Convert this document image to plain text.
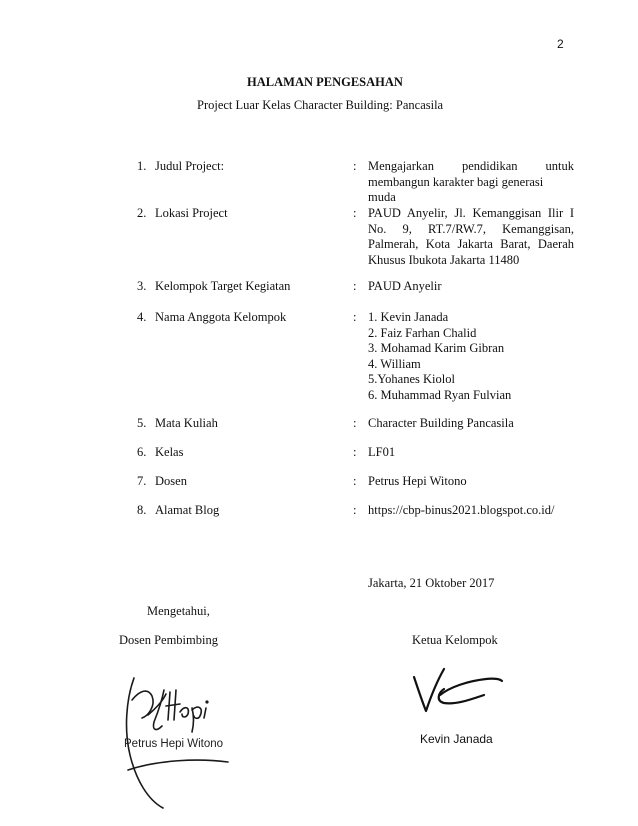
2
HALAMAN PENGESAHAN
Project Luar Kelas Character Building: Pancasila
1. Judul Project:	: Mengajarkan pendidikan untuk
membangun karakter bagi generasi muda
2. Lokasi Project	: PAUD Anyelir, Jl. Kemanggisan Ilir I
No. 9, RT.7/RW.7, Kemanggisan,
Palmerah, Kota Jakarta Barat, Daerah
Khusus Ibukota Jakarta 11480
3. Kelompok Target Kegiatan	: PAUD Anyelir
4. Nama Anggota Kelompok	: 1. Kevin Janada
2. Faiz Farhan Chalid
3. Mohamad Karim Gibran
4. William
5.Yohanes Kiolol
6. Muhammad Ryan Fulvian
5. Mata Kuliah	: Character Building Pancasila
6. Kelas	: LF01
7. Dosen	: Petrus Hepi Witono
8. Alamat Blog	: https://cbp-binus2021.blogspot.co.id/
Jakarta, 21 Oktober 2017
Mengetahui,
Dosen Pembimbing	Ketua Kelompok
Petrus Hepi Witono	Kevin Janada
